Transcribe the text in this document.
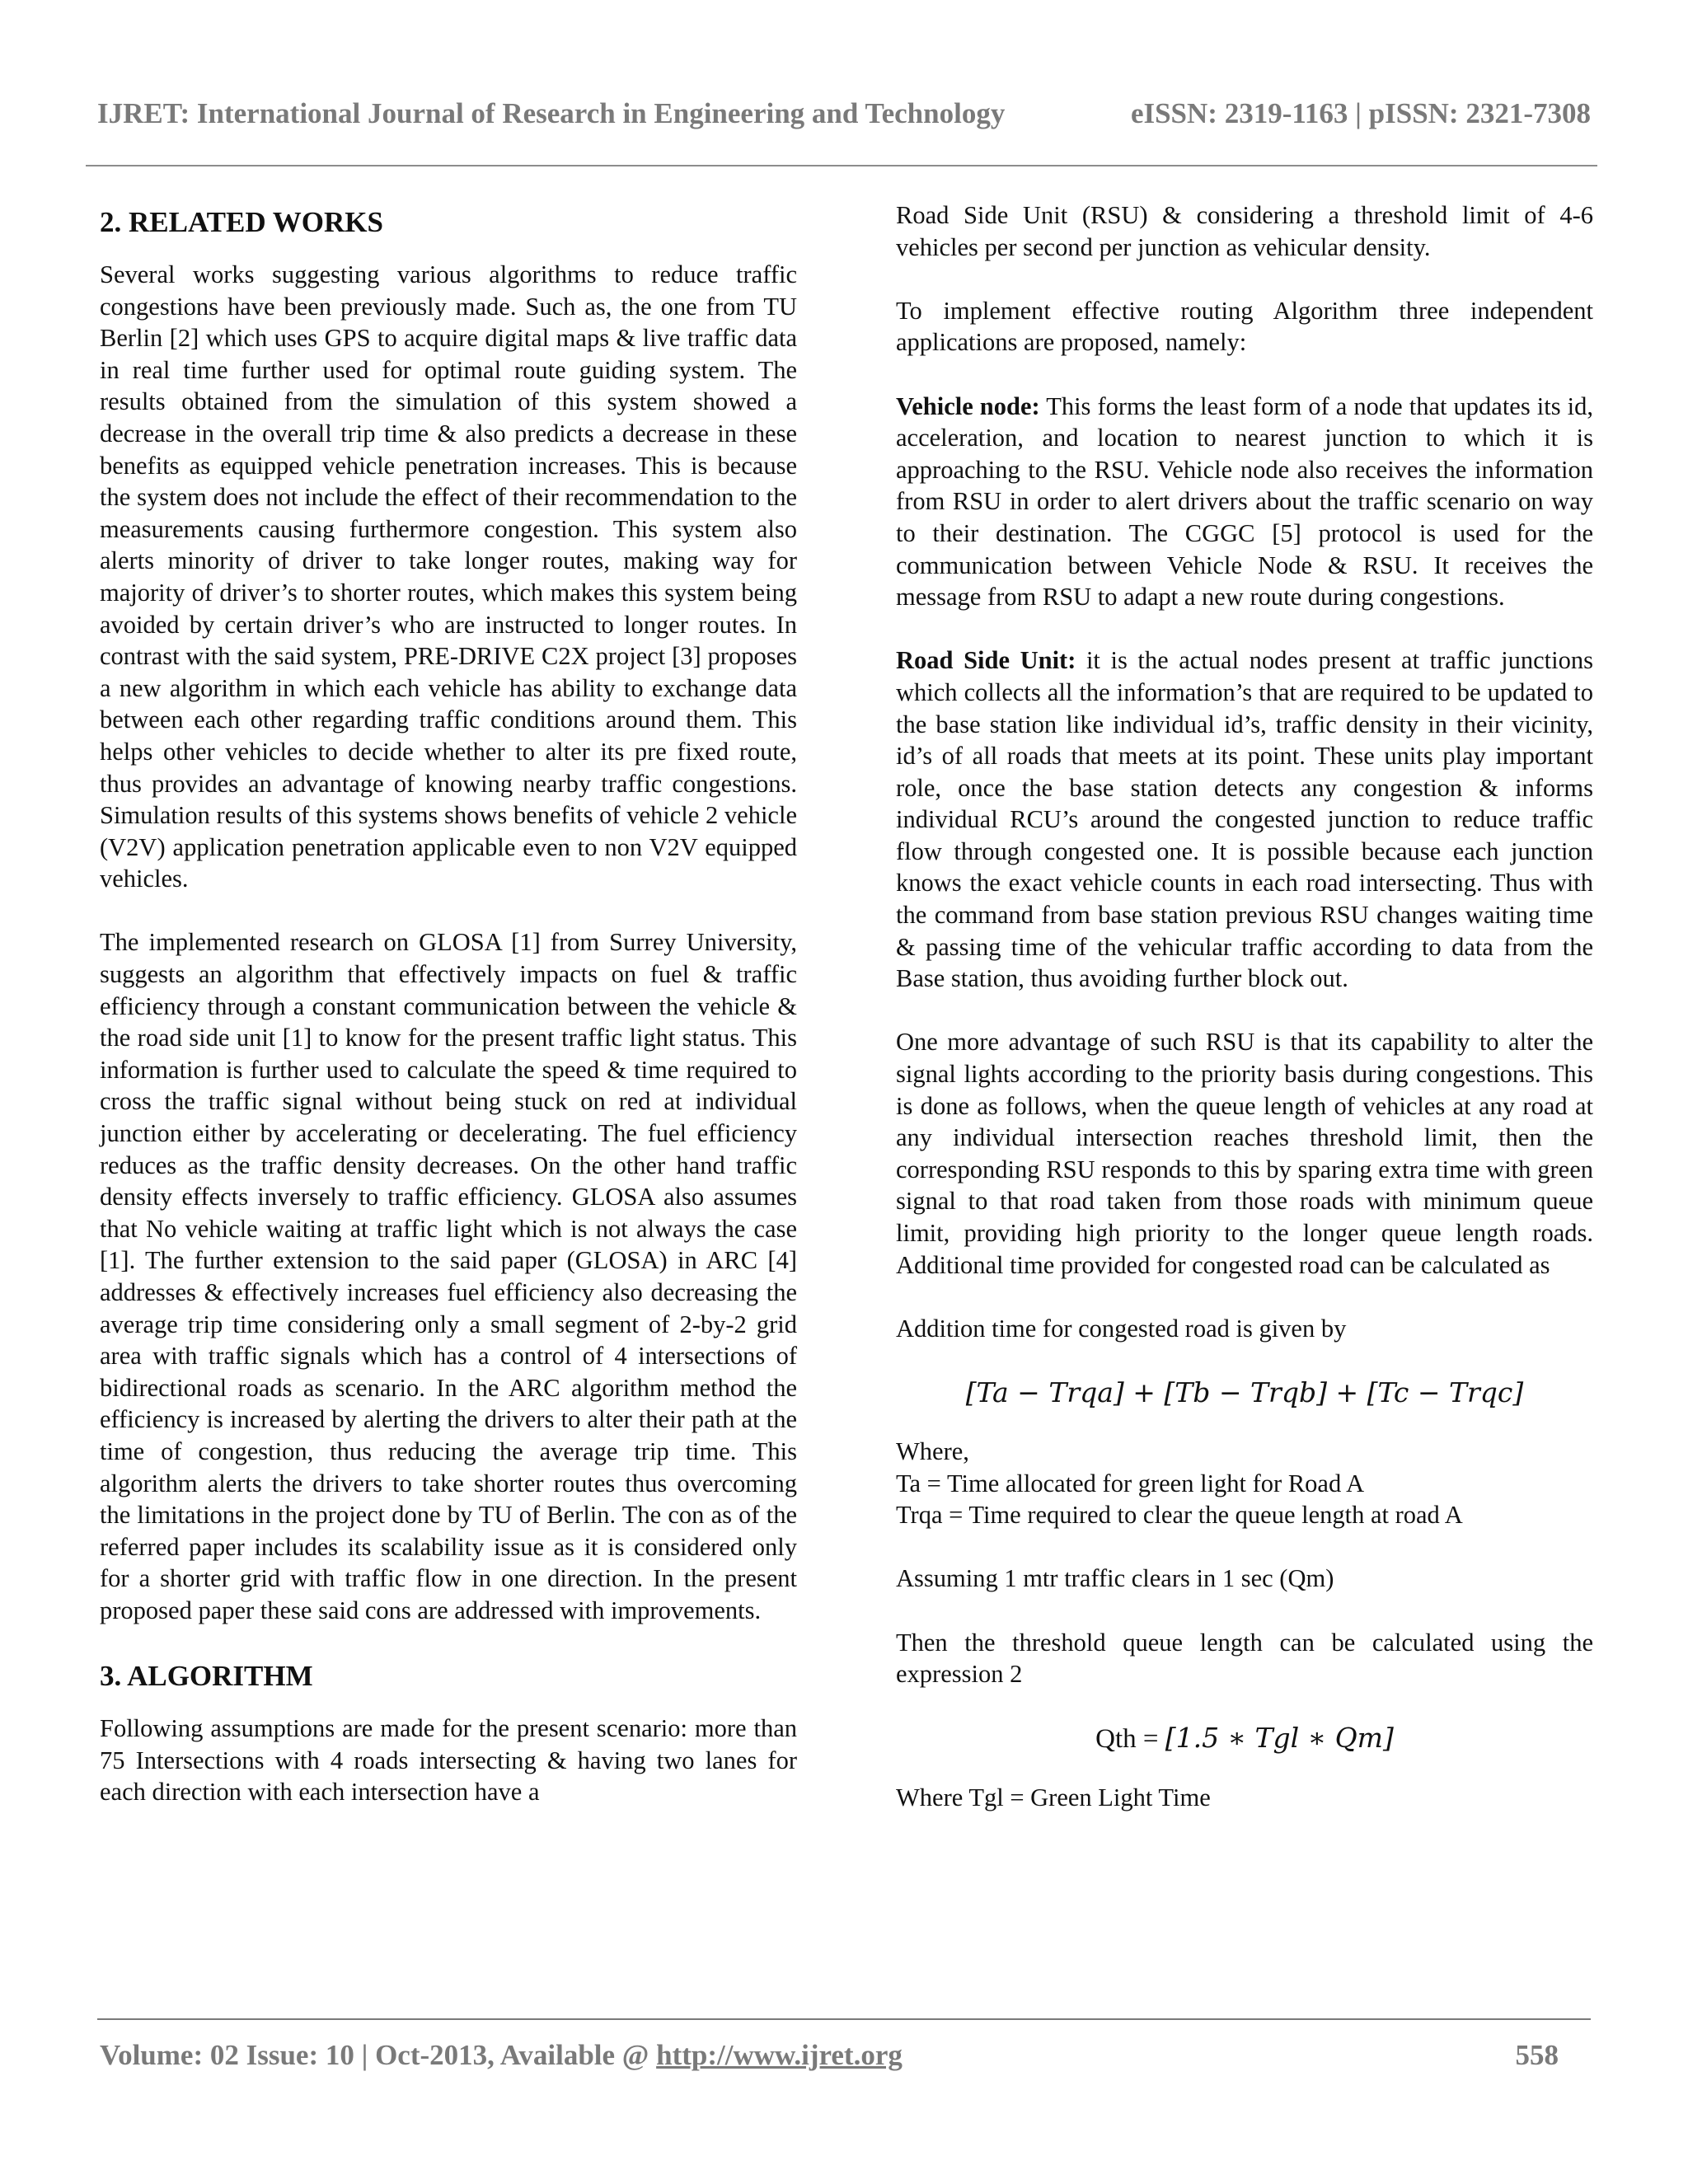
IJRET: International Journal of Research in Engineering and Technology	eISSN: 2319-1163 | pISSN: 2321-7308
2. RELATED WORKS

Several works suggesting various algorithms to reduce traffic congestions have been previously made. Such as, the one from TU Berlin [2] which uses GPS to acquire digital maps & live traffic data in real time further used for optimal route guiding system. The results obtained from the simulation of this system showed a decrease in the overall trip time & also predicts a decrease in these benefits as equipped vehicle penetration increases. This is because the system does not include the effect of their recommendation to the measurements causing furthermore congestion. This system also alerts minority of driver to take longer routes, making way for majority of driver’s to shorter routes, which makes this system being avoided by certain driver’s who are instructed to longer routes. In contrast with the said system, PRE-DRIVE C2X project [3] proposes a new algorithm in which each vehicle has ability to exchange data between each other regarding traffic conditions around them. This helps other vehicles to decide whether to alter its pre fixed route, thus provides an advantage of knowing nearby traffic congestions. Simulation results of this systems shows benefits of vehicle 2 vehicle (V2V) application penetration applicable even to non V2V equipped vehicles.

The implemented research on GLOSA [1] from Surrey University, suggests an algorithm that effectively impacts on fuel & traffic efficiency through a constant communication between the vehicle & the road side unit [1] to know for the present traffic light status. This information is further used to calculate the speed & time required to cross the traffic signal without being stuck on red at individual junction either by accelerating or decelerating. The fuel efficiency reduces as the traffic density decreases. On the other hand traffic density effects inversely to traffic efficiency. GLOSA also assumes that No vehicle waiting at traffic light which is not always the case [1]. The further extension to the said paper (GLOSA) in ARC [4] addresses & effectively increases fuel efficiency also decreasing the average trip time considering only a small segment of 2-by-2 grid area with traffic signals which has a control of 4 intersections of bidirectional roads as scenario. In the ARC algorithm method the efficiency is increased by alerting the drivers to alter their path at the time of congestion, thus reducing the average trip time. This algorithm alerts the drivers to take shorter routes thus overcoming the limitations in the project done by TU of Berlin. The con as of the referred paper includes its scalability issue as it is considered only for a shorter grid with traffic flow in one direction. In the present proposed paper these said cons are addressed with improvements.

3. ALGORITHM

Following assumptions are made for the present scenario: more than 75 Intersections with 4 roads intersecting & having two lanes for each direction with each intersection have a

Road Side Unit (RSU) & considering a threshold limit of 4-6 vehicles per second per junction as vehicular density.

To implement effective routing Algorithm three independent applications are proposed, namely:

Vehicle node: This forms the least form of a node that updates its id, acceleration, and location to nearest junction to which it is approaching to the RSU. Vehicle node also receives the information from RSU in order to alert drivers about the traffic scenario on way to their destination. The CGGC [5] protocol is used for the communication between Vehicle Node & RSU. It receives the message from RSU to adapt a new route during congestions.

Road Side Unit: it is the actual nodes present at traffic junctions which collects all the information’s that are required to be updated to the base station like individual id’s, traffic density in their vicinity, id’s of all roads that meets at its point. These units play important role, once the base station detects any congestion & informs individual RCU’s around the congested junction to reduce traffic flow through congested one. It is possible because each junction knows the exact vehicle counts in each road intersecting. Thus with the command from base station previous RSU changes waiting time & passing time of the vehicular traffic according to data from the Base station, thus avoiding further block out.

One more advantage of such RSU is that its capability to alter the signal lights according to the priority basis during congestions. This is done as follows, when the queue length of vehicles at any road at any individual intersection reaches threshold limit, then the corresponding RSU responds to this by sparing extra time with green signal to that road taken from those roads with minimum queue limit, providing high priority to the longer queue length roads. Additional time provided for congested road can be calculated as

Addition time for congested road is given by

[Ta − Trqa] + [Tb − Trqb] + [Tc − Trqc]

Where,
Ta = Time allocated for green light for Road A
Trqa = Time required to clear the queue length at road A

Assuming 1 mtr traffic clears in 1 sec (Qm)

Then the threshold queue length can be calculated using the expression 2

Qth = [1.5 ∗ Tgl ∗ Qm]

Where Tgl = Green Light Time

Volume: 02 Issue: 10 | Oct-2013, Available @ http://www.ijret.org	558
